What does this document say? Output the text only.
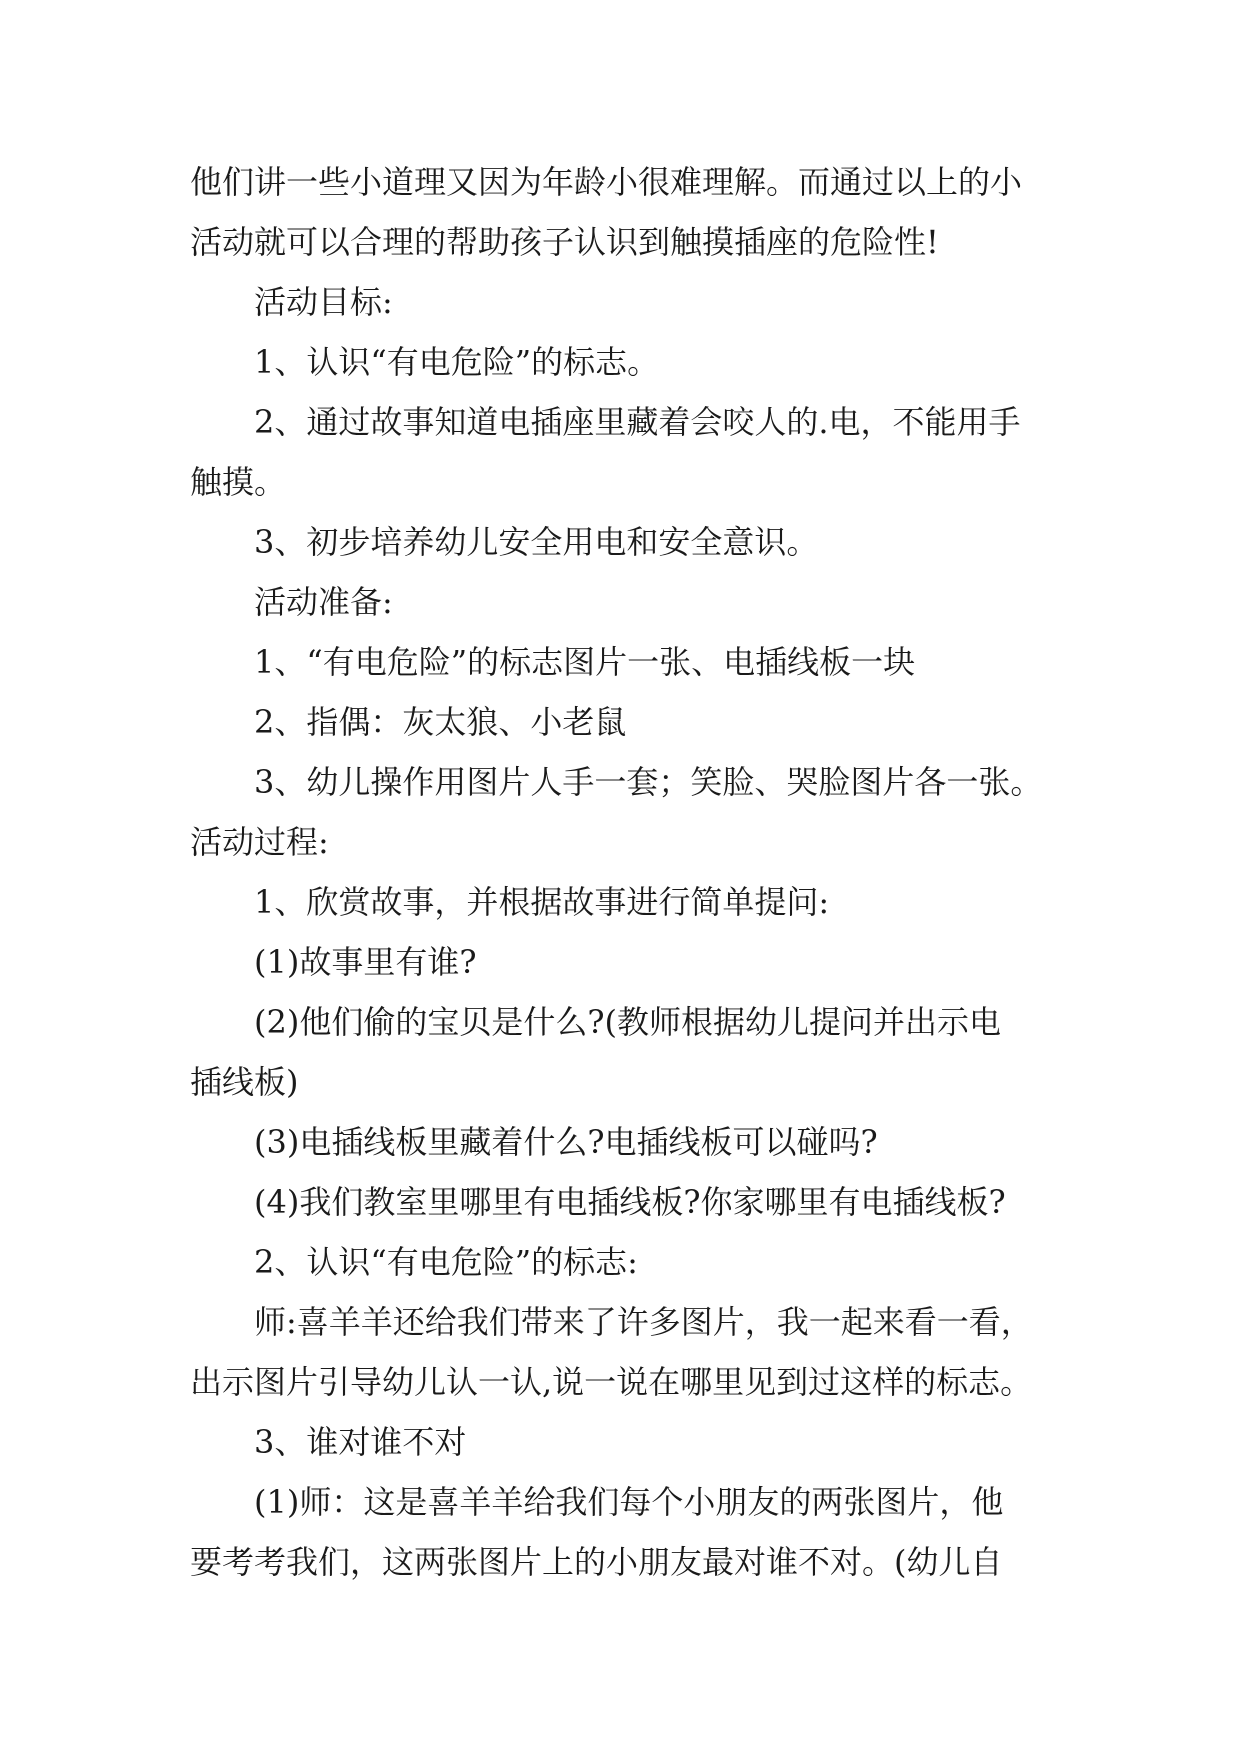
他们讲一些小道理又因为年龄小很难理解。而通过以上的小
活动就可以合理的帮助孩子认识到触摸插座的危险性!
活动目标:
1、认识“有电危险”的标志。
2、通过故事知道电插座里藏着会咬人的.电，不能用手
触摸。
3、初步培养幼儿安全用电和安全意识。
活动准备:
1、“有电危险”的标志图片一张、电插线板一块
2、指偶：灰太狼、小老鼠
3、幼儿操作用图片人手一套；笑脸、哭脸图片各一张。
活动过程:
1、欣赏故事，并根据故事进行简单提问:
(1)故事里有谁?
(2)他们偷的宝贝是什么?(教师根据幼儿提问并出示电
插线板)
(3)电插线板里藏着什么?电插线板可以碰吗?
(4)我们教室里哪里有电插线板?你家哪里有电插线板?
2、认识“有电危险”的标志:
师:喜羊羊还给我们带来了许多图片，我一起来看一看，
出示图片引导幼儿认一认,说一说在哪里见到过这样的标志。
3、谁对谁不对
(1)师：这是喜羊羊给我们每个小朋友的两张图片，他
要考考我们，这两张图片上的小朋友最对谁不对。(幼儿自
